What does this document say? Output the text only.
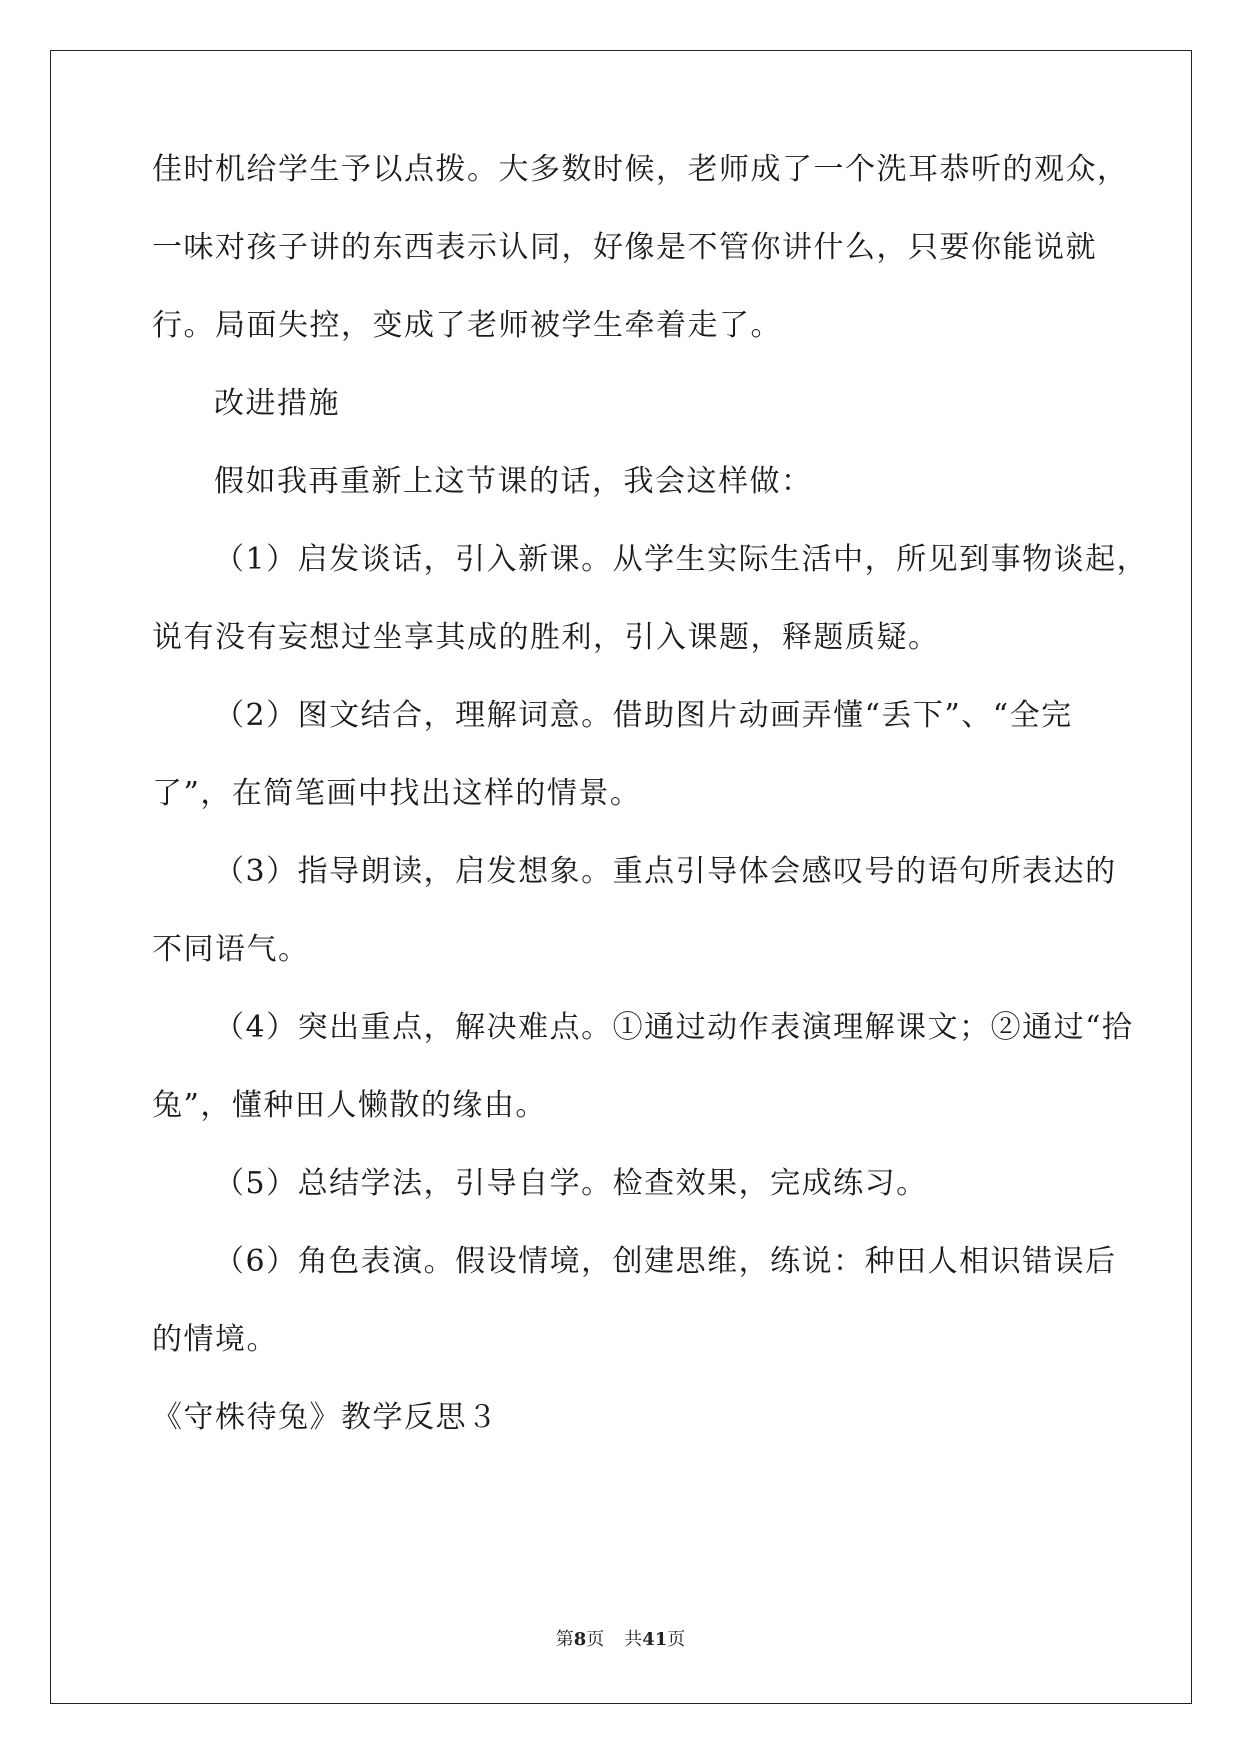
佳时机给学生予以点拨。大多数时候，老师成了一个洗耳恭听的观众，
一味对孩子讲的东西表示认同，好像是不管你讲什么，只要你能说就
行。局面失控，变成了老师被学生牵着走了。
改进措施
假如我再重新上这节课的话，我会这样做：
（1）启发谈话，引入新课。从学生实际生活中，所见到事物谈起，
说有没有妄想过坐享其成的胜利，引入课题，释题质疑。
（2）图文结合，理解词意。借助图片动画弄懂“丢下”、“全完
了”，在简笔画中找出这样的情景。
（3）指导朗读，启发想象。重点引导体会感叹号的语句所表达的
不同语气。
（4）突出重点，解决难点。①通过动作表演理解课文；②通过“拾
兔”，懂种田人懒散的缘由。
（5）总结学法，引导自学。检查效果，完成练习。
（6）角色表演。假设情境，创建思维，练说：种田人相识错误后
的情境。
《守株待兔》教学反思３
第8页 共41页
